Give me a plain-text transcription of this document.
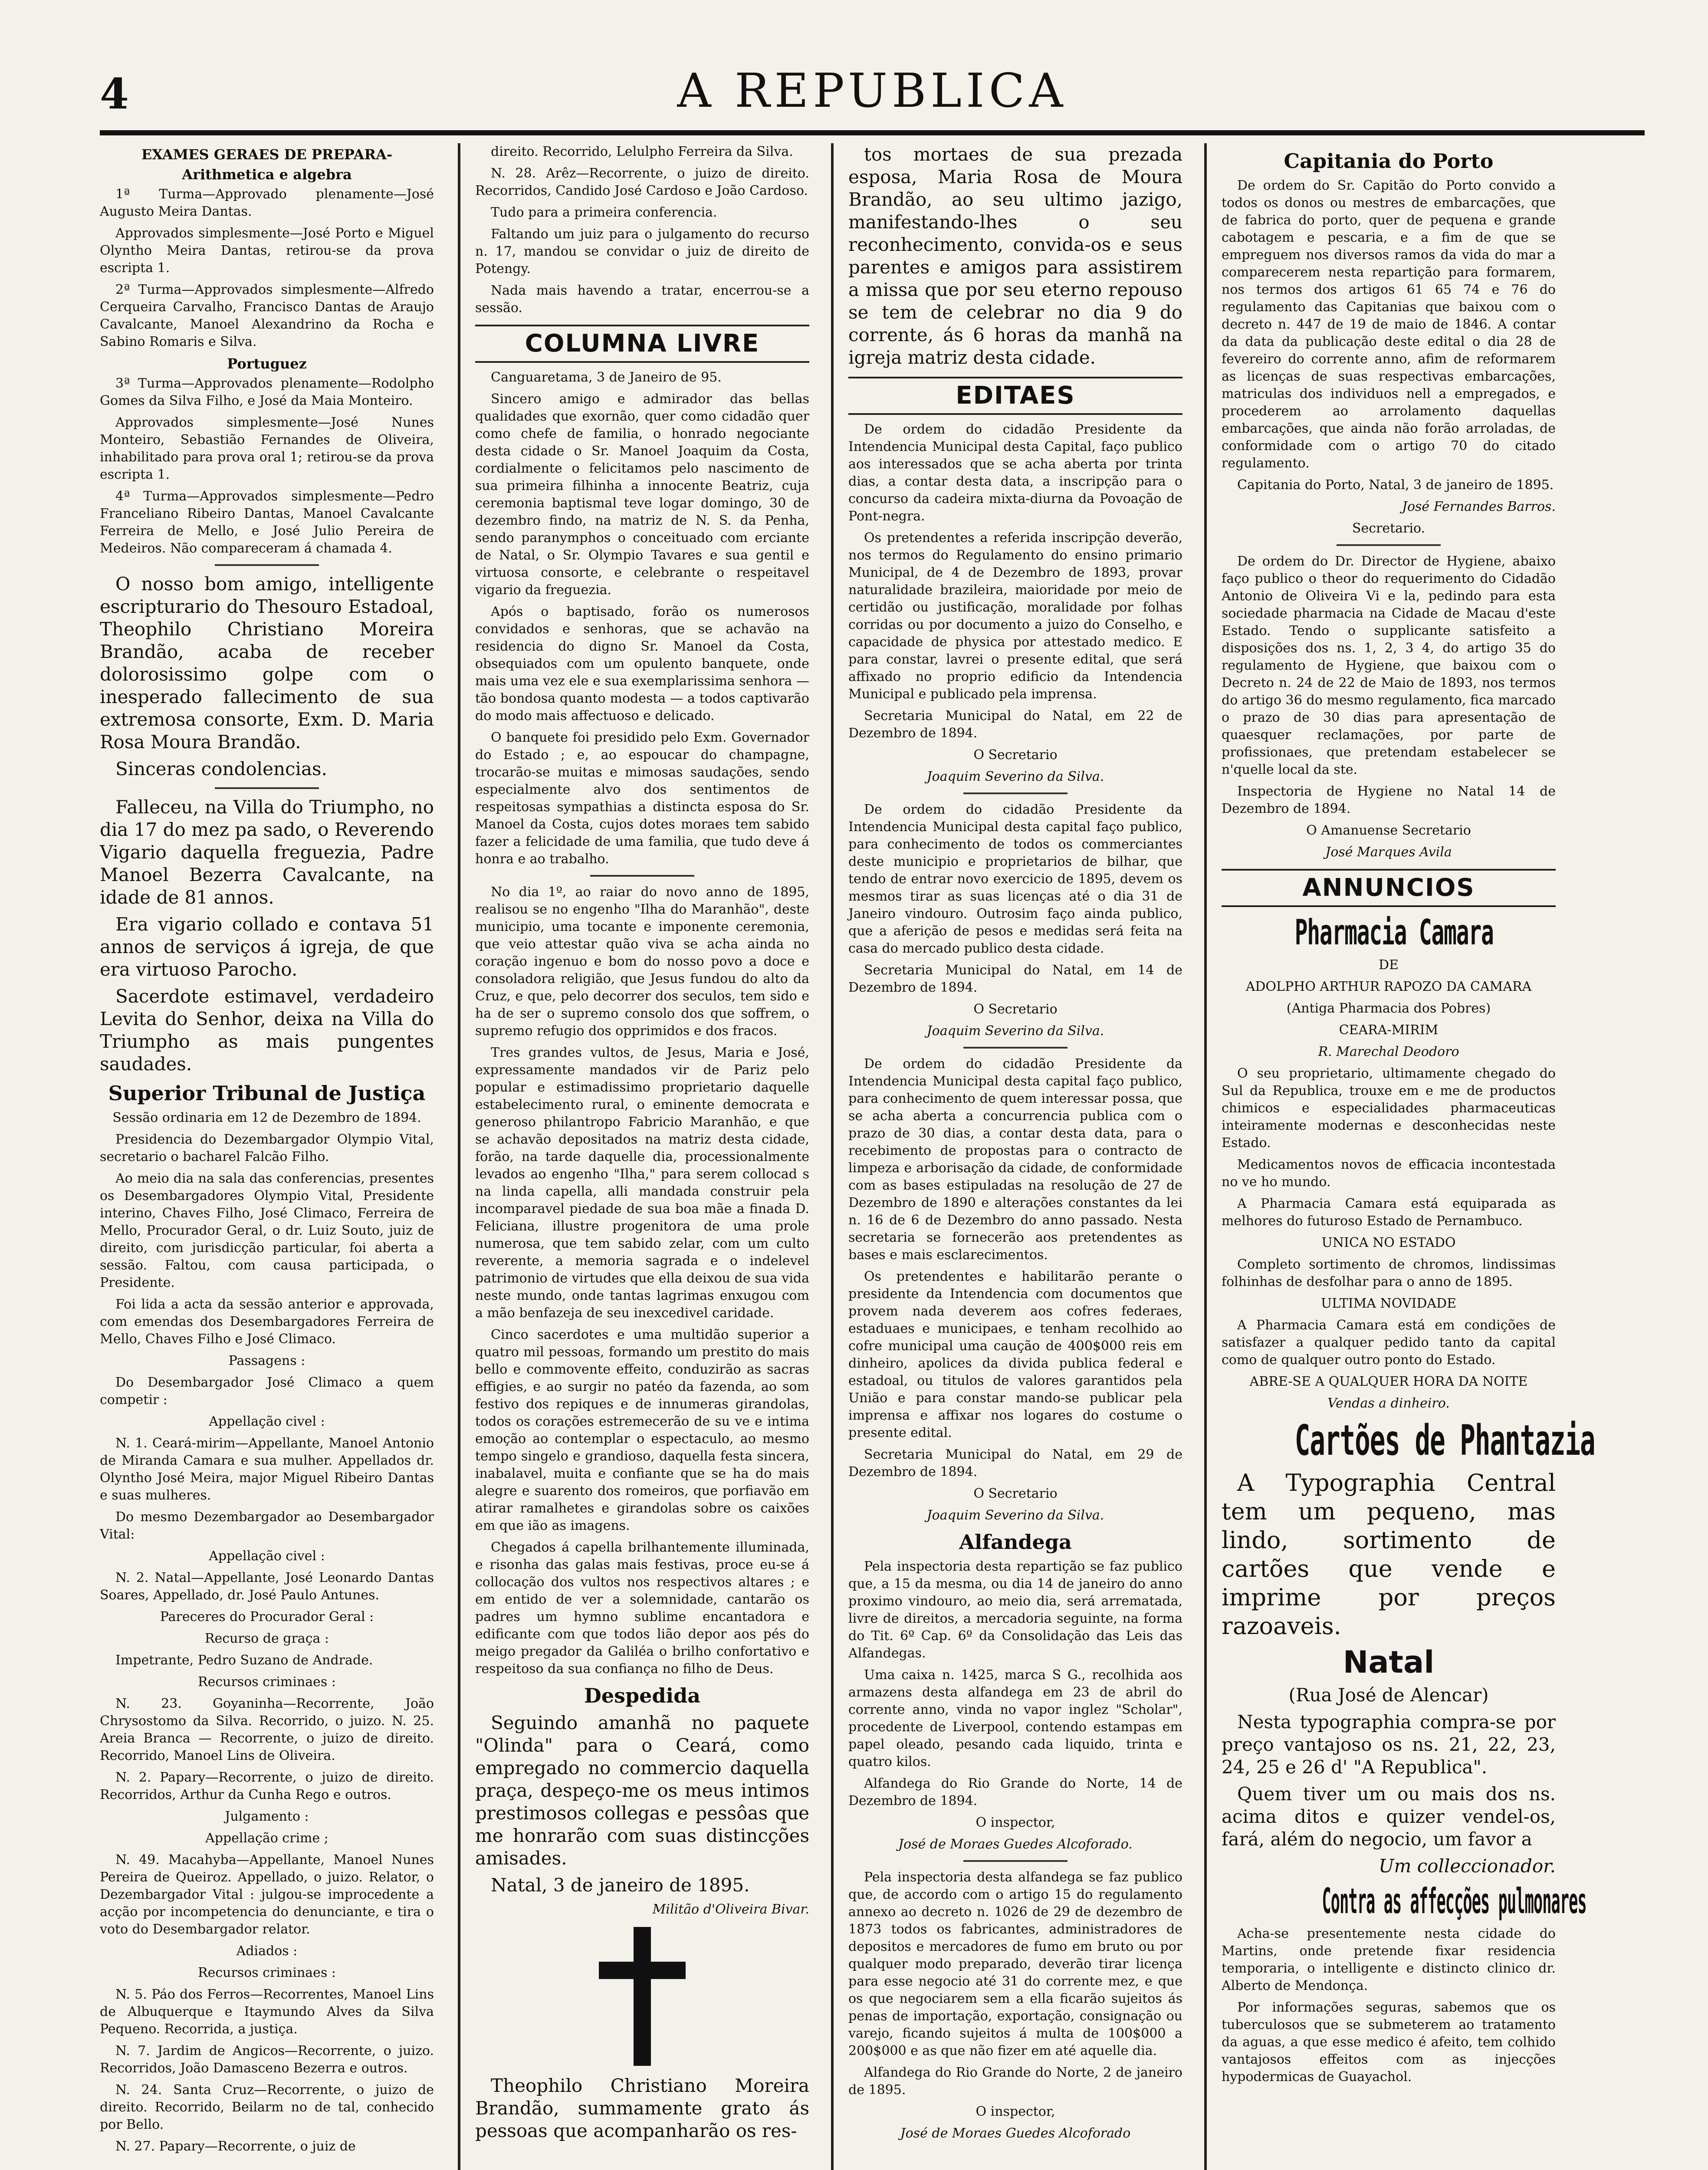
4	A REPUBLICA

EXAMES GERAES DE PREPARA-

Arithmetica e algebra

1ª Turma—Approvado plenamente—José Augusto Meira Dantas.

Approvados simplesmente—José Porto e Miguel Olyntho Meira Dantas, retirou-se da prova escripta 1.

2ª Turma—Approvados simplesmente—Alfredo Cerqueira Carvalho, Francisco Dantas de Araujo Cavalcante, Manoel Alexandrino da Rocha e Sabino Romaris e Silva.

Portuguez

3ª Turma—Approvados plenamente—Rodolpho Gomes da Silva Filho, e José da Maia Monteiro.

Approvados simplesmente—José Nunes Monteiro, Sebastião Fernandes de Oliveira, inhabilitado para prova oral 1; retirou-se da prova escripta 1.

4ª Turma—Approvados simplesmente—Pedro Franceliano Ribeiro Dantas, Manoel Cavalcante Ferreira de Mello, e José Julio Pereira de Medeiros. Não compareceram á chamada 4.

O nosso bom amigo, intelligente escripturario do Thesouro Estadoal, Theophilo Christiano Moreira Brandão, acaba de receber dolorosissimo golpe com o inesperado fallecimento de sua extremosa consorte, Exm. D. Maria Rosa Moura Brandão.

Sinceras condolencias.

Falleceu, na Villa do Triumpho, no dia 17 do mez pa sado, o Reverendo Vigario daquella freguezia, Padre Manoel Bezerra Cavalcante, na idade de 81 annos.

Era vigario collado e contava 51 annos de serviços á igreja, de que era virtuoso Parocho.

Sacerdote estimavel, verdadeiro Levita do Senhor, deixa na Villa do Triumpho as mais pungentes saudades.

Superior Tribunal de Justiça

Sessão ordinaria em 12 de Dezembro de 1894.

Presidencia do Dezembargador Olympio Vital, secretario o bacharel Falcão Filho.

Ao meio dia na sala das conferencias, presentes os Desembargadores Olympio Vital, Presidente interino, Chaves Filho, José Climaco, Ferreira de Mello, Procurador Geral, o dr. Luiz Souto, juiz de direito, com jurisdicção particular, foi aberta a sessão. Faltou, com causa participada, o Presidente.

Foi lida a acta da sessão anterior e approvada, com emendas dos Desembargadores Ferreira de Mello, Chaves Filho e José Climaco.

Passagens :

Do Desembargador José Climaco a quem competir :

Appellação civel :

N. 1. Ceará-mirim—Appellante, Manoel Antonio de Miranda Camara e sua mulher. Appellados dr. Olyntho José Meira, major Miguel Ribeiro Dantas e suas mulheres.

Do mesmo Dezembargador ao Desembargador Vital:

Appellação civel :

N. 2. Natal—Appellante, José Leonardo Dantas Soares, Appellado, dr. José Paulo Antunes.

Pareceres do Procurador Geral :

Recurso de graça :

Impetrante, Pedro Suzano de Andrade.

Recursos criminaes :

N. 23. Goyaninha—Recorrente, João Chrysostomo da Silva. Recorrido, o juizo. N. 25. Areia Branca — Recorrente, o juizo de direito. Recorrido, Manoel Lins de Oliveira.

N. 2. Papary—Recorrente, o juizo de direito. Recorridos, Arthur da Cunha Rego e outros.

Julgamento :

Appellação crime ;

N. 49. Macahyba—Appellante, Manoel Nunes Pereira de Queiroz. Appellado, o juizo. Relator, o Dezembargador Vital : julgou-se improcedente a acção por incompetencia do denunciante, e tira o voto do Desembargador relator.

Adiados :

Recursos criminaes :

N. 5. Páo dos Ferros—Recorrentes, Manoel Lins de Albuquerque e Itaymundo Alves da Silva Pequeno. Recorrida, a justiça.

N. 7. Jardim de Angicos—Recorrente, o juizo. Recorridos, João Damasceno Bezerra e outros.

N. 24. Santa Cruz—Recorrente, o juizo de direito. Recorrido, Beilarm no de tal, conhecido por Bello.

N. 27. Papary—Recorrente, o juiz de

direito. Recorrido, Lelulpho Ferreira da Silva.

N. 28. Arêz—Recorrente, o juizo de direito. Recorridos, Candido José Cardoso e João Cardoso.

Tudo para a primeira conferencia.

Faltando um juiz para o julgamento do recurso n. 17, mandou se convidar o juiz de direito de Potengy.

Nada mais havendo a tratar, encerrou-se a sessão.

COLUMNA LIVRE

Canguaretama, 3 de Janeiro de 95.

Sincero amigo e admirador das bellas qualidades que exornão, quer como cidadão quer como chefe de familia, o honrado negociante desta cidade o Sr. Manoel Joaquim da Costa, cordialmente o felicitamos pelo nascimento de sua primeira filhinha a innocente Beatriz, cuja ceremonia baptismal teve logar domingo, 30 de dezembro findo, na matriz de N. S. da Penha, sendo paranymphos o conceituado com erciante de Natal, o Sr. Olympio Tavares e sua gentil e virtuosa consorte, e celebrante o respeitavel vigario da freguezia.

Após o baptisado, forão os numerosos convidados e senhoras, que se achavão na residencia do digno Sr. Manoel da Costa, obsequiados com um opulento banquete, onde mais uma vez ele e sua exemplarissima senhora — tão bondosa quanto modesta — a todos captivarão do modo mais affectuoso e delicado.

O banquete foi presidido pelo Exm. Governador do Estado ; e, ao espoucar do champagne, trocarão-se muitas e mimosas saudações, sendo especialmente alvo dos sentimentos de respeitosas sympathias a distincta esposa do Sr. Manoel da Costa, cujos dotes moraes tem sabido fazer a felicidade de uma familia, que tudo deve á honra e ao trabalho.

No dia 1º, ao raiar do novo anno de 1895, realisou se no engenho "Ilha do Maranhão", deste municipio, uma tocante e imponente ceremonia, que veio attestar quão viva se acha ainda no coração ingenuo e bom do nosso povo a doce e consoladora religião, que Jesus fundou do alto da Cruz, e que, pelo decorrer dos seculos, tem sido e ha de ser o supremo consolo dos que soffrem, o supremo refugio dos opprimidos e dos fracos.

Tres grandes vultos, de Jesus, Maria e José, expressamente mandados vir de Pariz pelo popular e estimadissimo proprietario daquelle estabelecimento rural, o eminente democrata e generoso philantropo Fabricio Maranhão, e que se achavão depositados na matriz desta cidade, forão, na tarde daquelle dia, processionalmente levados ao engenho "Ilha," para serem collocad s na linda capella, alli mandada construir pela incomparavel piedade de sua boa mãe a finada D. Feliciana, illustre progenitora de uma prole numerosa, que tem sabido zelar, com um culto reverente, a memoria sagrada e o indelevel patrimonio de virtudes que ella deixou de sua vida neste mundo, onde tantas lagrimas enxugou com a mão benfazeja de seu inexcedivel caridade.

Cinco sacerdotes e uma multidão superior a quatro mil pessoas, formando um prestito do mais bello e commovente effeito, conduzirão as sacras effigies, e ao surgir no patéo da fazenda, ao som festivo dos repiques e de innumeras girandolas, todos os corações estremecerão de su ve e intima emoção ao contemplar o espectaculo, ao mesmo tempo singelo e grandioso, daquella festa sincera, inabalavel, muita e confiante que se ha do mais alegre e suarento dos romeiros, que porfiavão em atirar ramalhetes e girandolas sobre os caixões em que ião as imagens.

Chegados á capella brilhantemente illuminada, e risonha das galas mais festivas, proce eu-se á collocação dos vultos nos respectivos altares ; e em entido de ver a solemnidade, cantarão os padres um hymno sublime encantadora e edificante com que todos lião depor aos pés do meigo pregador da Galiléa o brilho confortativo e respeitoso da sua confiança no filho de Deus.

Despedida

Seguindo amanhã no paquete "Olinda" para o Ceará, como empregado no commercio daquella praça, despeço-me os meus intimos prestimosos collegas e pessôas que me honrarão com suas distincções amisades.

Natal, 3 de janeiro de 1895.

Militão d'Oliveira Bivar.

Theophilo Christiano Moreira Brandão, summamente grato ás pessoas que acompanharão os res-

tos mortaes de sua prezada esposa, Maria Rosa de Moura Brandão, ao seu ultimo jazigo, manifestando-lhes o seu reconhecimento, convida-os e seus parentes e amigos para assistirem a missa que por seu eterno repouso se tem de celebrar no dia 9 do corrente, ás 6 horas da manhã na igreja matriz desta cidade.

EDITAES

De ordem do cidadão Presidente da Intendencia Municipal desta Capital, faço publico aos interessados que se acha aberta por trinta dias, a contar desta data, a inscripção para o concurso da cadeira mixta-diurna da Povoação de Pont-negra.

Os pretendentes a referida inscripção deverão, nos termos do Regulamento do ensino primario Municipal, de 4 de Dezembro de 1893, provar naturalidade brazileira, maioridade por meio de certidão ou justificação, moralidade por folhas corridas ou por documento a juizo do Conselho, e capacidade de physica por attestado medico. E para constar, lavrei o presente edital, que será affixado no proprio edificio da Intendencia Municipal e publicado pela imprensa.

Secretaria Municipal do Natal, em 22 de Dezembro de 1894.

O Secretario

Joaquim Severino da Silva.

De ordem do cidadão Presidente da Intendencia Municipal desta capital faço publico, para conhecimento de todos os commerciantes deste municipio e proprietarios de bilhar, que tendo de entrar novo exercicio de 1895, devem os mesmos tirar as suas licenças até o dia 31 de Janeiro vindouro. Outrosim faço ainda publico, que a aferição de pesos e medidas será feita na casa do mercado publico desta cidade.

Secretaria Municipal do Natal, em 14 de Dezembro de 1894.

O Secretario

Joaquim Severino da Silva.

De ordem do cidadão Presidente da Intendencia Municipal desta capital faço publico, para conhecimento de quem interessar possa, que se acha aberta a concurrencia publica com o prazo de 30 dias, a contar desta data, para o recebimento de propostas para o contracto de limpeza e arborisação da cidade, de conformidade com as bases estipuladas na resolução de 27 de Dezembro de 1890 e alterações constantes da lei n. 16 de 6 de Dezembro do anno passado. Nesta secretaria se fornecerão aos pretendentes as bases e mais esclarecimentos.

Os pretendentes e habilitarão perante o presidente da Intendencia com documentos que provem nada deverem aos cofres federaes, estaduaes e municipaes, e tenham recolhido ao cofre municipal uma caução de 400$000 reis em dinheiro, apolices da divida publica federal e estadoal, ou titulos de valores garantidos pela União e para constar mando-se publicar pela imprensa e affixar nos logares do costume o presente edital.

Secretaria Municipal do Natal, em 29 de Dezembro de 1894.

O Secretario

Joaquim Severino da Silva.

Alfandega

Pela inspectoria desta repartição se faz publico que, a 15 da mesma, ou dia 14 de janeiro do anno proximo vindouro, ao meio dia, será arrematada, livre de direitos, a mercadoria seguinte, na forma do Tit. 6º Cap. 6º da Consolidação das Leis das Alfandegas.

Uma caixa n. 1425, marca S G., recolhida aos armazens desta alfandega em 23 de abril do corrente anno, vinda no vapor inglez "Scholar", procedente de Liverpool, contendo estampas em papel oleado, pesando cada liquido, trinta e quatro kilos.

Alfandega do Rio Grande do Norte, 14 de Dezembro de 1894.

O inspector,

José de Moraes Guedes Alcoforado.

Pela inspectoria desta alfandega se faz publico que, de accordo com o artigo 15 do regulamento annexo ao decreto n. 1026 de 29 de dezembro de 1873 todos os fabricantes, administradores de depositos e mercadores de fumo em bruto ou por qualquer modo preparado, deverão tirar licença para esse negocio até 31 do corrente mez, e que os que negociarem sem a ella ficarão sujeitos ás penas de importação, exportação, consignação ou varejo, ficando sujeitos á multa de 100$000 a 200$000 e as que não fizer em até aquelle dia.

Alfandega do Rio Grande do Norte, 2 de janeiro de 1895.

O inspector,

José de Moraes Guedes Alcoforado

Capitania do Porto

De ordem do Sr. Capitão do Porto convido a todos os donos ou mestres de embarcações, que de fabrica do porto, quer de pequena e grande cabotagem e pescaria, e a fim de que se empreguem nos diversos ramos da vida do mar a comparecerem nesta repartição para formarem, nos termos dos artigos 61 65 74 e 76 do regulamento das Capitanias que baixou com o decreto n. 447 de 19 de maio de 1846. A contar da data da publicação deste edital o dia 28 de fevereiro do corrente anno, afim de reformarem as licenças de suas respectivas embarcações, matriculas dos individuos nell a empregados, e procederem ao arrolamento daquellas embarcações, que ainda não forão arroladas, de conformidade com o artigo 70 do citado regulamento.

Capitania do Porto, Natal, 3 de janeiro de 1895.

José Fernandes Barros.

Secretario.

De ordem do Dr. Director de Hygiene, abaixo faço publico o theor do requerimento do Cidadão Antonio de Oliveira Vi e la, pedindo para esta sociedade pharmacia na Cidade de Macau d'este Estado. Tendo o supplicante satisfeito a disposições dos ns. 1, 2, 3 4, do artigo 35 do regulamento de Hygiene, que baixou com o Decreto n. 24 de 22 de Maio de 1893, nos termos do artigo 36 do mesmo regulamento, fica marcado o prazo de 30 dias para apresentação de quaesquer reclamações, por parte de profissionaes, que pretendam estabelecer se n'quelle local da ste.

Inspectoria de Hygiene no Natal 14 de Dezembro de 1894.

O Amanuense Secretario

José Marques Avila

ANNUNCIOS

Pharmacia Camara

DE

ADOLPHO ARTHUR RAPOZO DA CAMARA

(Antiga Pharmacia dos Pobres)

CEARA-MIRIM

R. Marechal Deodoro

O seu proprietario, ultimamente chegado do Sul da Republica, trouxe em e me de productos chimicos e especialidades pharmaceuticas inteiramente modernas e desconhecidas neste Estado.

Medicamentos novos de efficacia incontestada no ve ho mundo.

A Pharmacia Camara está equiparada as melhores do futuroso Estado de Pernambuco.

UNICA NO ESTADO

Completo sortimento de chromos, lindissimas folhinhas de desfolhar para o anno de 1895.

ULTIMA NOVIDADE

A Pharmacia Camara está em condições de satisfazer a qualquer pedido tanto da capital como de qualquer outro ponto do Estado.

ABRE-SE A QUALQUER HORA DA NOITE

Vendas a dinheiro.

Cartões de Phantazia

A Typographia Central tem um pequeno, mas lindo, sortimento de cartões que vende e imprime por preços razoaveis.

Natal

(Rua José de Alencar)

Nesta typographia compra-se por preço vantajoso os ns. 21, 22, 23, 24, 25 e 26 d' "A Republica".

Quem tiver um ou mais dos ns. acima ditos e quizer vendel-os, fará, além do negocio, um favor a

Um colleccionador.

Contra as affecções pulmonares

Acha-se presentemente nesta cidade do Martins, onde pretende fixar residencia temporaria, o intelligente e distincto clinico dr. Alberto de Mendonça.

Por informações seguras, sabemos que os tuberculosos que se submeterem ao tratamento da aguas, a que esse medico é afeito, tem colhido vantajosos effeitos com as injecções hypodermicas de Guayachol.
